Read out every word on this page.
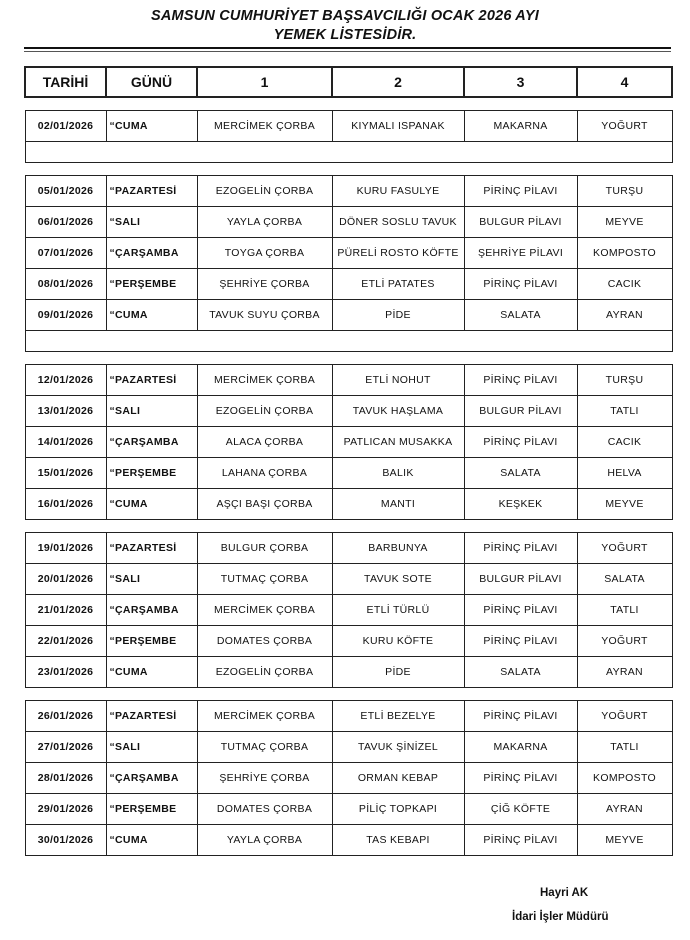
SAMSUN CUMHURİYET BAŞSAVCILIĞI OCAK 2026 AYI
YEMEK LİSTESİDİR.
TARİHİ	GÜNÜ	1	2	3	4

02/01/2026	“CUMA	MERCİMEK ÇORBA	KIYMALI ISPANAK	MAKARNA	YOĞURT

05/01/2026	“PAZARTESİ	EZOGELİN ÇORBA	KURU FASULYE	PİRİNÇ PİLAVI	TURŞU
06/01/2026	“SALI	YAYLA ÇORBA	DÖNER SOSLU TAVUK	BULGUR PİLAVI	MEYVE
07/01/2026	“ÇARŞAMBA	TOYGA ÇORBA	PÜRELİ ROSTO KÖFTE	ŞEHRİYE PİLAVI	KOMPOSTO
08/01/2026	“PERŞEMBE	ŞEHRİYE ÇORBA	ETLİ PATATES	PİRİNÇ PİLAVI	CACIK
09/01/2026	“CUMA	TAVUK SUYU ÇORBA	PİDE	SALATA	AYRAN

12/01/2026	“PAZARTESİ	MERCİMEK ÇORBA	ETLİ NOHUT	PİRİNÇ PİLAVI	TURŞU
13/01/2026	“SALI	EZOGELİN ÇORBA	TAVUK HAŞLAMA	BULGUR PİLAVI	TATLI
14/01/2026	“ÇARŞAMBA	ALACA ÇORBA	PATLICAN MUSAKKA	PİRİNÇ PİLAVI	CACIK
15/01/2026	“PERŞEMBE	LAHANA ÇORBA	BALIK	SALATA	HELVA
16/01/2026	“CUMA	AŞÇI BAŞI ÇORBA	MANTI	KEŞKEK	MEYVE

19/01/2026	“PAZARTESİ	BULGUR ÇORBA	BARBUNYA	PİRİNÇ PİLAVI	YOĞURT
20/01/2026	“SALI	TUTMAÇ ÇORBA	TAVUK SOTE	BULGUR PİLAVI	SALATA
21/01/2026	“ÇARŞAMBA	MERCİMEK ÇORBA	ETLİ TÜRLÜ	PİRİNÇ PİLAVI	TATLI
22/01/2026	“PERŞEMBE	DOMATES ÇORBA	KURU KÖFTE	PİRİNÇ PİLAVI	YOĞURT
23/01/2026	“CUMA	EZOGELİN ÇORBA	PİDE	SALATA	AYRAN

26/01/2026	“PAZARTESİ	MERCİMEK ÇORBA	ETLİ BEZELYE	PİRİNÇ PİLAVI	YOĞURT
27/01/2026	“SALI	TUTMAÇ ÇORBA	TAVUK ŞİNİZEL	MAKARNA	TATLI
28/01/2026	“ÇARŞAMBA	ŞEHRİYE ÇORBA	ORMAN KEBAP	PİRİNÇ PİLAVI	KOMPOSTO
29/01/2026	“PERŞEMBE	DOMATES ÇORBA	PİLİÇ TOPKAPI	ÇİĞ KÖFTE	AYRAN
30/01/2026	“CUMA	YAYLA ÇORBA	TAS KEBAPI	PİRİNÇ PİLAVI	MEYVE
Hayri AK
İdari İşler Müdürü
